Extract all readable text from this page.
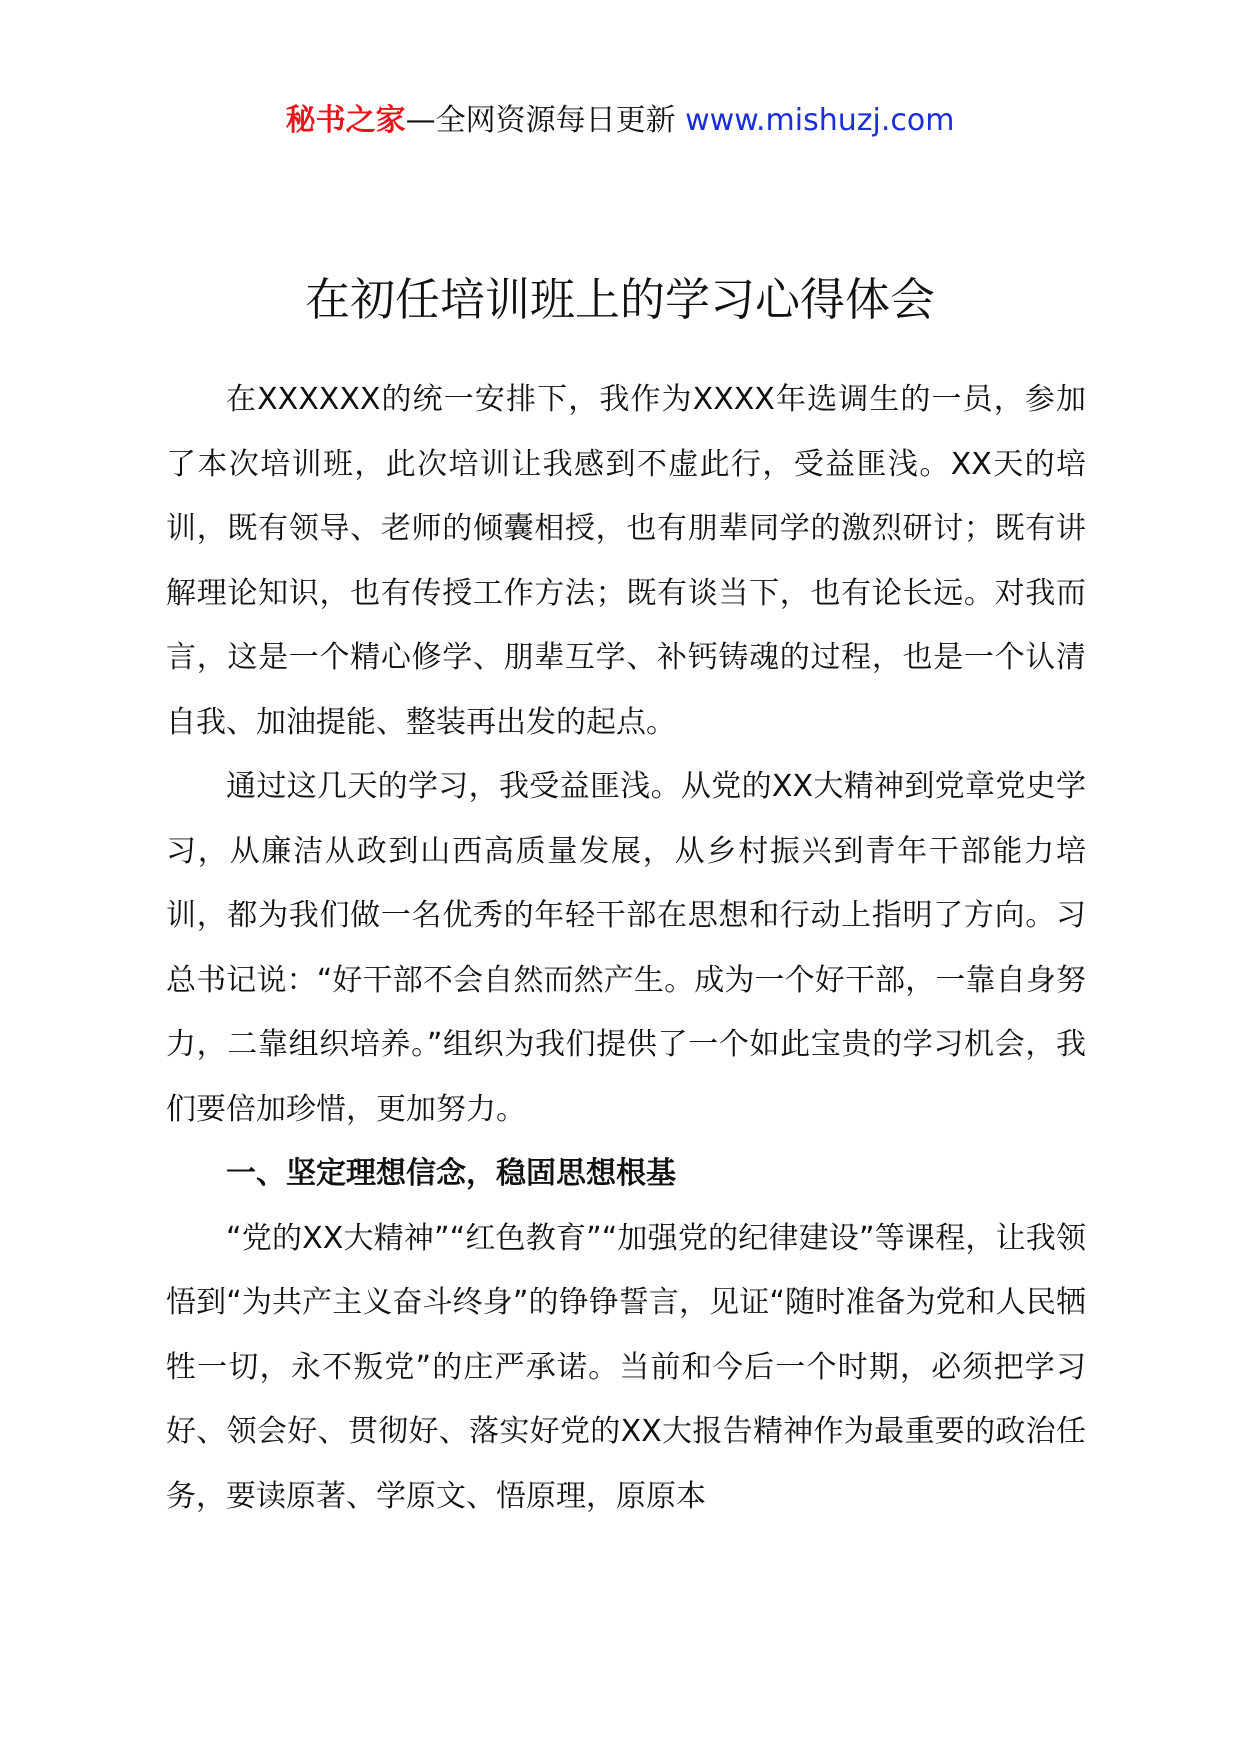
秘书之家—全网资源每日更新 www.mishuzj.com
在初任培训班上的学习心得体会

在XXXXXX的统一安排下，我作为XXXX年选调生的一员，参加了本次培训班，此次培训让我感到不虚此行，受益匪浅。XX天的培训，既有领导、老师的倾囊相授，也有朋辈同学的激烈研讨；既有讲解理论知识，也有传授工作方法；既有谈当下，也有论长远。对我而言，这是一个精心修学、朋辈互学、补钙铸魂的过程，也是一个认清自我、加油提能、整装再出发的起点。

通过这几天的学习，我受益匪浅。从党的XX大精神到党章党史学习，从廉洁从政到山西高质量发展，从乡村振兴到青年干部能力培训，都为我们做一名优秀的年轻干部在思想和行动上指明了方向。习总书记说：“好干部不会自然而然产生。成为一个好干部，一靠自身努力，二靠组织培养。”组织为我们提供了一个如此宝贵的学习机会，我们要倍加珍惜，更加努力。

一、坚定理想信念，稳固思想根基

“党的XX大精神”“红色教育”“加强党的纪律建设”等课程，让我领悟到“为共产主义奋斗终身”的铮铮誓言，见证“随时准备为党和人民牺牲一切，永不叛党”的庄严承诺。当前和今后一个时期，必须把学习好、领会好、贯彻好、落实好党的XX大报告精神作为最重要的政治任务，要读原著、学原文、悟原理，原原本
